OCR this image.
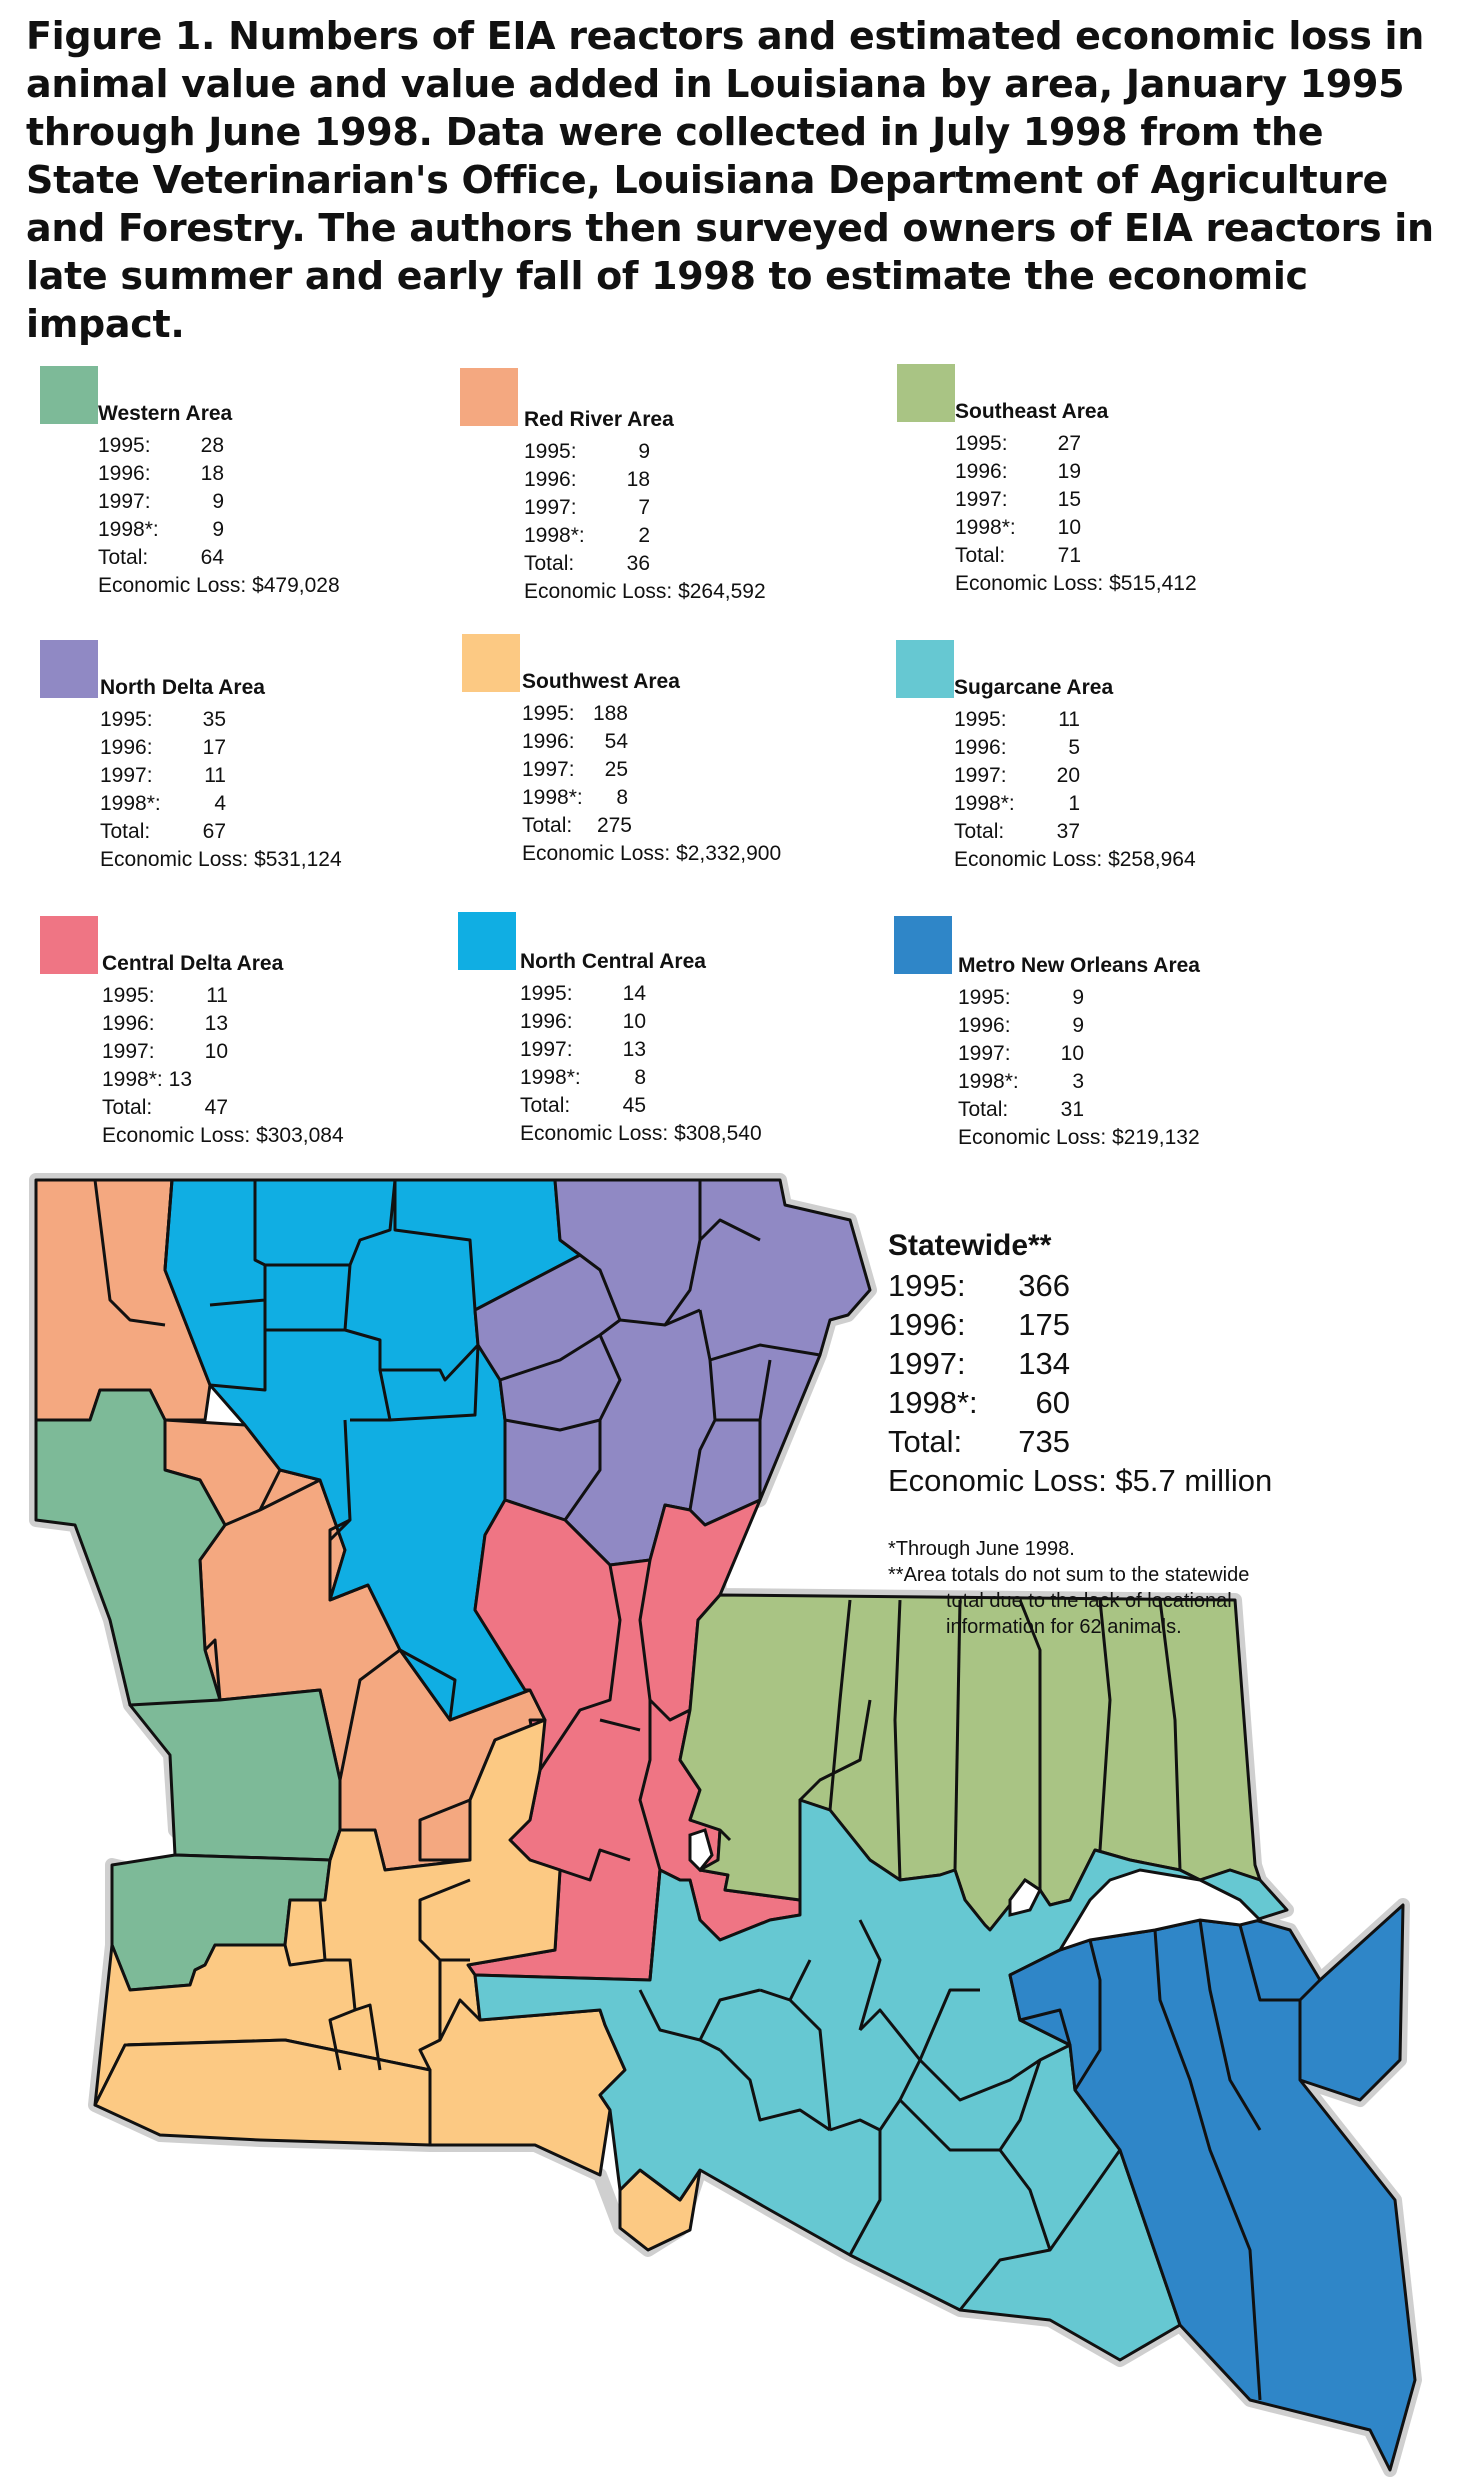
Figure 1. Numbers of EIA reactors and estimated economic loss in animal value and value added in Louisiana by area, January 1995 through June 1998. Data were collected in July 1998 from the State Veterinarian's Office, Louisiana Department of Agriculture and Forestry. The authors then surveyed owners of EIA reactors in late summer and early fall of 1998 to estimate the economic impact.

Western Area
1995:	28
1996:	18
1997:	9
1998*:	9
Total:	64
Economic Loss: $479,028
Red River Area
1995:	9
1996:	18
1997:	7
1998*:	2
Total:	36
Economic Loss: $264,592
Southeast Area
1995:	27
1996:	19
1997:	15
1998*:	10
Total:	71
Economic Loss: $515,412
North Delta Area
1995:	35
1996:	17
1997:	11
1998*:	4
Total:	67
Economic Loss: $531,124
Southwest Area
1995: 188
1996:	54
1997:	25
1998*:	8
Total:	275
Economic Loss: $2,332,900
Sugarcane Area
1995:	11
1996:	5
1997:	20
1998*:	1
Total:	37
Economic Loss: $258,964
Central Delta Area
1995:	11
1996:	13
1997:	10
1998*: 13
Total:	47
Economic Loss: $303,084
North Central Area
1995:	14
1996:	10
1997:	13
1998*:	8
Total:	45
Economic Loss: $308,540
Metro New Orleans Area
1995:	9
1996:	9
1997:	10
1998*:	3
Total:	31
Economic Loss: $219,132
Statewide**
1995:	366
1996:	175
1997:	134
1998*:	60
Total:	735
Economic Loss: $5.7 million
*Through June 1998.
**Area totals do not sum to the statewide
total due to the lack of locational
information for 62 animals.
